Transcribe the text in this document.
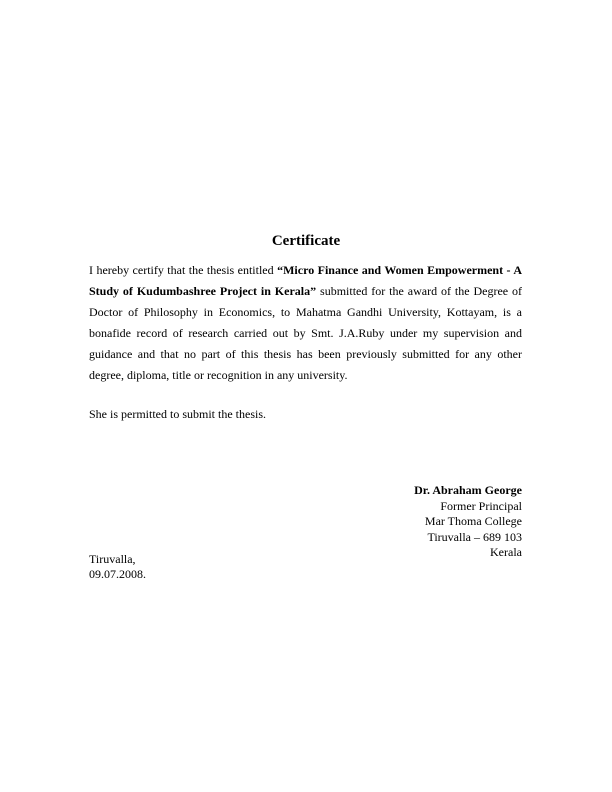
Certificate

I hereby certify that the thesis entitled “Micro Finance and Women Empowerment - A Study of Kudumbashree Project in Kerala” submitted for the award of the Degree of Doctor of Philosophy in Economics, to Mahatma Gandhi University, Kottayam, is a bonafide record of research carried out by Smt. J.A.Ruby under my supervision and guidance and that no part of this thesis has been previously submitted for any other degree, diploma, title or recognition in any university.

She is permitted to submit the thesis.
Dr. Abraham George
Former Principal
Mar Thoma College
Tiruvalla – 689 103
Kerala
Tiruvalla,
09.07.2008.
